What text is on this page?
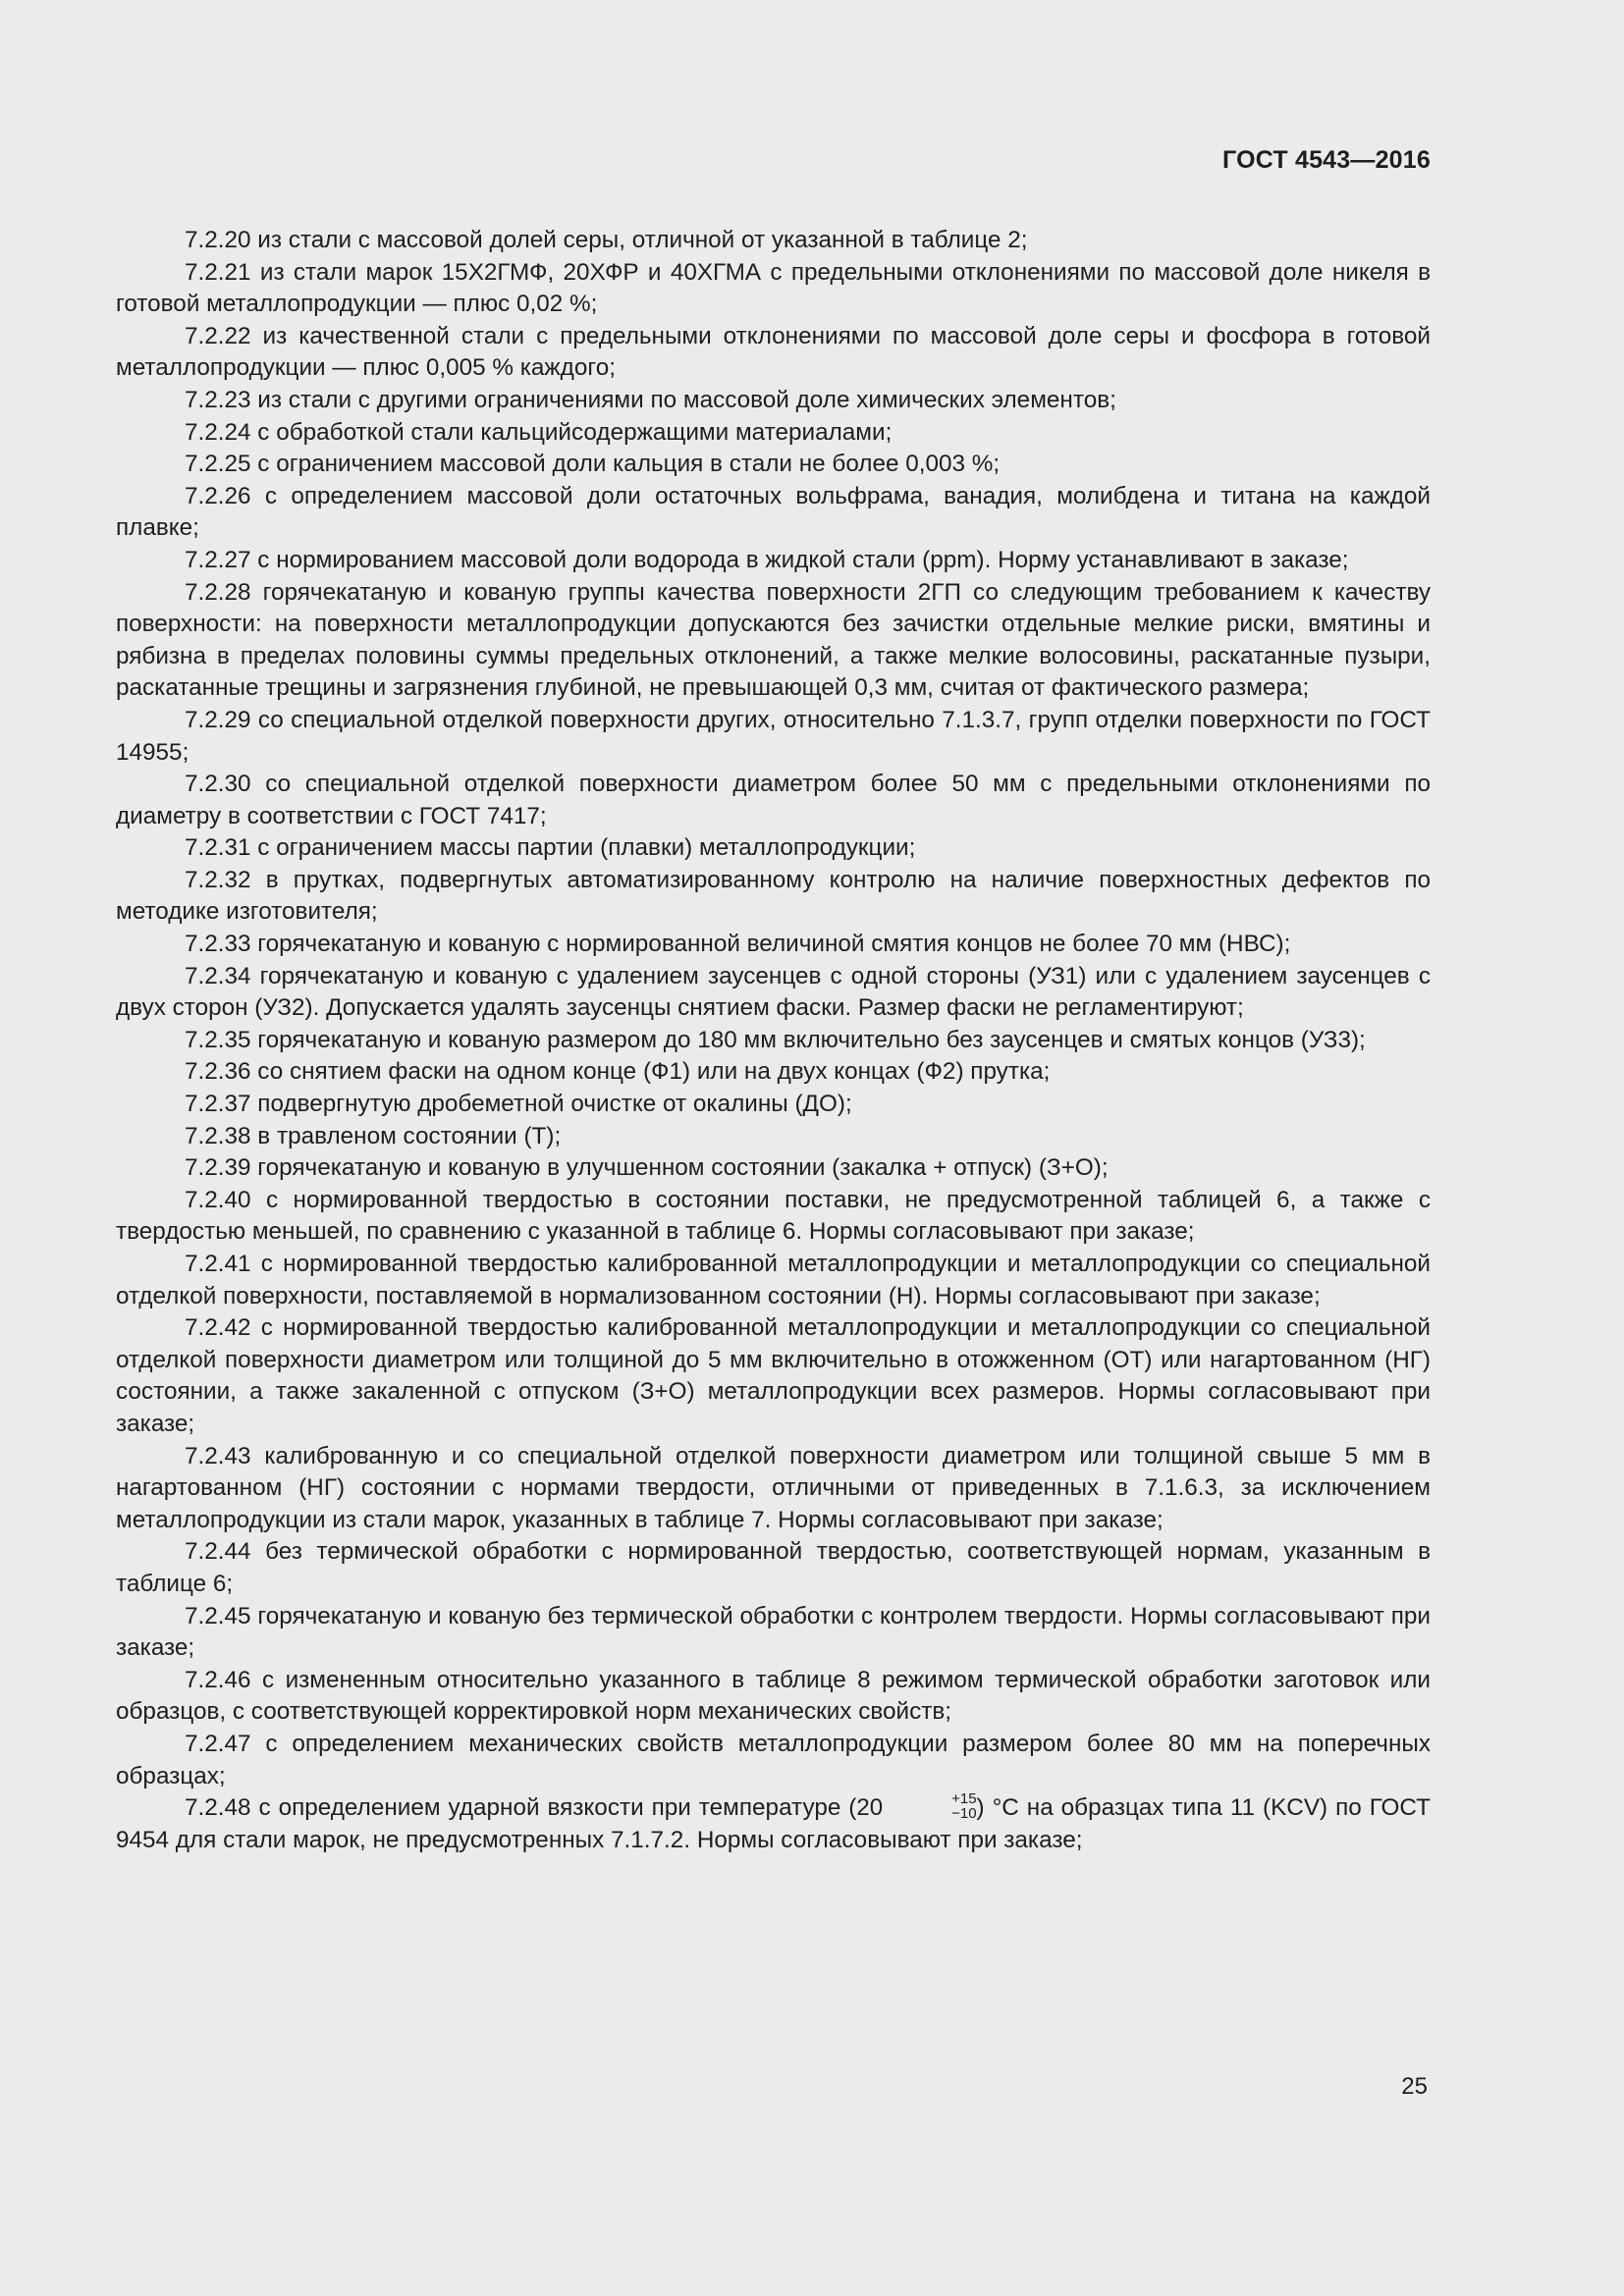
ГОСТ 4543—2016

7.2.20 из стали с массовой долей серы, отличной от указанной в таблице 2;

7.2.21 из стали марок 15Х2ГМФ, 20ХФР и 40ХГМА с предельными отклонениями по массовой доле никеля в готовой металлопродукции — плюс 0,02 %;

7.2.22 из качественной стали с предельными отклонениями по массовой доле серы и фосфора в готовой металлопродукции — плюс 0,005 % каждого;

7.2.23 из стали с другими ограничениями по массовой доле химических элементов;

7.2.24 с обработкой стали кальцийсодержащими материалами;

7.2.25 с ограничением массовой доли кальция в стали не более 0,003 %;

7.2.26 с определением массовой доли остаточных вольфрама, ванадия, молибдена и титана на каждой плавке;

7.2.27 с нормированием массовой доли водорода в жидкой стали (ppm). Норму устанавливают в заказе;

7.2.28 горячекатаную и кованую группы качества поверхности 2ГП со следующим требованием к качеству поверхности: на поверхности металлопродукции допускаются без зачистки отдельные мелкие риски, вмятины и рябизна в пределах половины суммы предельных отклонений, а также мелкие волосовины, раскатанные пузыри, раскатанные трещины и загрязнения глубиной, не превышающей 0,3 мм, считая от фактического размера;

7.2.29 со специальной отделкой поверхности других, относительно 7.1.3.7, групп отделки поверхности по ГОСТ 14955;

7.2.30 со специальной отделкой поверхности диаметром более 50 мм с предельными отклонениями по диаметру в соответствии с ГОСТ 7417;

7.2.31 с ограничением массы партии (плавки) металлопродукции;

7.2.32 в прутках, подвергнутых автоматизированному контролю на наличие поверхностных дефектов по методике изготовителя;

7.2.33 горячекатаную и кованую с нормированной величиной смятия концов не более 70 мм (НВС);

7.2.34 горячекатаную и кованую с удалением заусенцев с одной стороны (УЗ1) или с удалением заусенцев с двух сторон (УЗ2). Допускается удалять заусенцы снятием фаски. Размер фаски не регламентируют;

7.2.35 горячекатаную и кованую размером до 180 мм включительно без заусенцев и смятых концов (УЗ3);

7.2.36 со снятием фаски на одном конце (Ф1) или на двух концах (Ф2) прутка;

7.2.37 подвергнутую дробеметной очистке от окалины (ДО);

7.2.38 в травленом состоянии (Т);

7.2.39 горячекатаную и кованую в улучшенном состоянии (закалка + отпуск) (З+О);

7.2.40 с нормированной твердостью в состоянии поставки, не предусмотренной таблицей 6, а также с твердостью меньшей, по сравнению с указанной в таблице 6. Нормы согласовывают при заказе;

7.2.41 с нормированной твердостью калиброванной металлопродукции и металлопродукции со специальной отделкой поверхности, поставляемой в нормализованном состоянии (Н). Нормы согласовывают при заказе;

7.2.42 с нормированной твердостью калиброванной металлопродукции и металлопродукции со специальной отделкой поверхности диаметром или толщиной до 5 мм включительно в отожженном (ОТ) или нагартованном (НГ) состоянии, а также закаленной с отпуском (З+О) металлопродукции всех размеров. Нормы согласовывают при заказе;

7.2.43 калиброванную и со специальной отделкой поверхности диаметром или толщиной свыше 5 мм в нагартованном (НГ) состоянии с нормами твердости, отличными от приведенных в 7.1.6.3, за исключением металлопродукции из стали марок, указанных в таблице 7. Нормы согласовывают при заказе;

7.2.44 без термической обработки с нормированной твердостью, соответствующей нормам, указанным в таблице 6;

7.2.45 горячекатаную и кованую без термической обработки с контролем твердости. Нормы согласовывают при заказе;

7.2.46 с измененным относительно указанного в таблице 8 режимом термической обработки заготовок или образцов, с соответствующей корректировкой норм механических свойств;

7.2.47 с определением механических свойств металлопродукции размером более 80 мм на поперечных образцах;

7.2.48 с определением ударной вязкости при температуре (20	+15
−10 ) °С на образцах типа 11 (KCV) по ГОСТ 9454 для стали марок, не предусмотренных 7.1.7.2. Нормы согласовывают при заказе;

25
